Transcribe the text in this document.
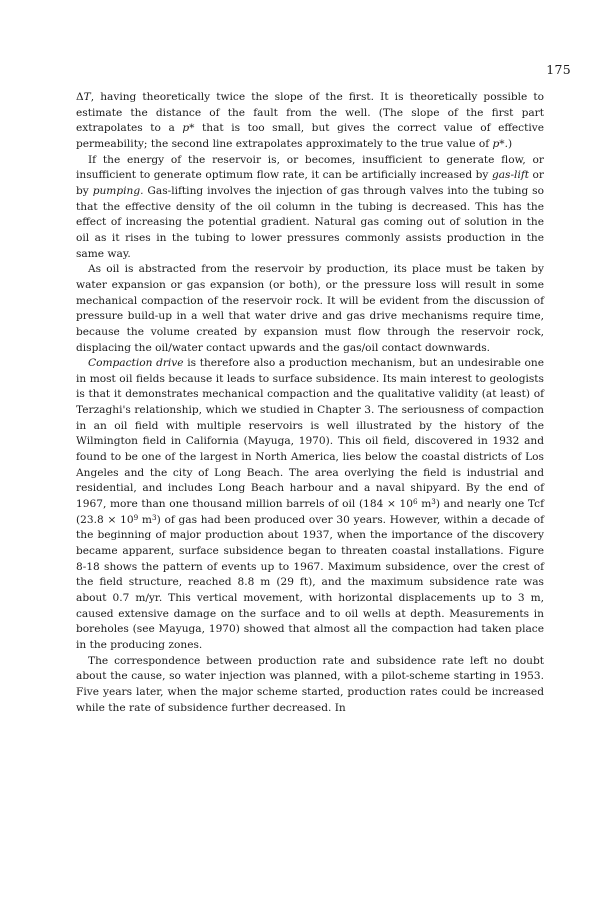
175

ΔT, having theoretically twice the slope of the first. It is theoretically possible to estimate the distance of the fault from the well. (The slope of the first part extrapolates to a p* that is too small, but gives the correct value of effective permeability; the second line extrapolates approximately to the true value of p*.)

If the energy of the reservoir is, or becomes, insufficient to generate flow, or insufficient to generate optimum flow rate, it can be artificially increased by gas-lift or by pumping. Gas-lifting involves the injection of gas through valves into the tubing so that the effective density of the oil column in the tubing is decreased. This has the effect of increasing the potential gradient. Natural gas coming out of solution in the oil as it rises in the tubing to lower pressures commonly assists production in the same way.

As oil is abstracted from the reservoir by production, its place must be taken by water expansion or gas expansion (or both), or the pressure loss will result in some mechanical compaction of the reservoir rock. It will be evident from the discussion of pressure build-up in a well that water drive and gas drive mechanisms require time, because the volume created by expansion must flow through the reservoir rock, displacing the oil/water contact upwards and the gas/oil contact downwards.

Compaction drive is therefore also a production mechanism, but an undesirable one in most oil fields because it leads to surface subsidence. Its main interest to geologists is that it demonstrates mechanical compaction and the qualitative validity (at least) of Terzaghi's relationship, which we studied in Chapter 3. The seriousness of compaction in an oil field with multiple reservoirs is well illustrated by the history of the Wilmington field in California (Mayuga, 1970). This oil field, discovered in 1932 and found to be one of the largest in North America, lies below the coastal districts of Los Angeles and the city of Long Beach. The area overlying the field is industrial and residential, and includes Long Beach harbour and a naval shipyard. By the end of 1967, more than one thousand million barrels of oil ($184 \times 10^6$ $m^3$) and nearly one Tcf ($23.8 \times 10^9$ $m^3$) of gas had been produced over 30 years. However, within a decade of the beginning of major production about 1937, when the importance of the discovery became apparent, surface subsidence began to threaten coastal installations. Figure 8-18 shows the pattern of events up to 1967. Maximum subsidence, over the crest of the field structure, reached 8.8 m (29 ft), and the maximum subsidence rate was about 0.7 m/yr. This vertical movement, with horizontal displacements up to 3 m, caused extensive damage on the surface and to oil wells at depth. Measurements in boreholes (see Mayuga, 1970) showed that almost all the compaction had taken place in the producing zones.

The correspondence between production rate and subsidence rate left no doubt about the cause, so water injection was planned, with a pilot-scheme starting in 1953. Five years later, when the major scheme started, production rates could be increased while the rate of subsidence further decreased. In
